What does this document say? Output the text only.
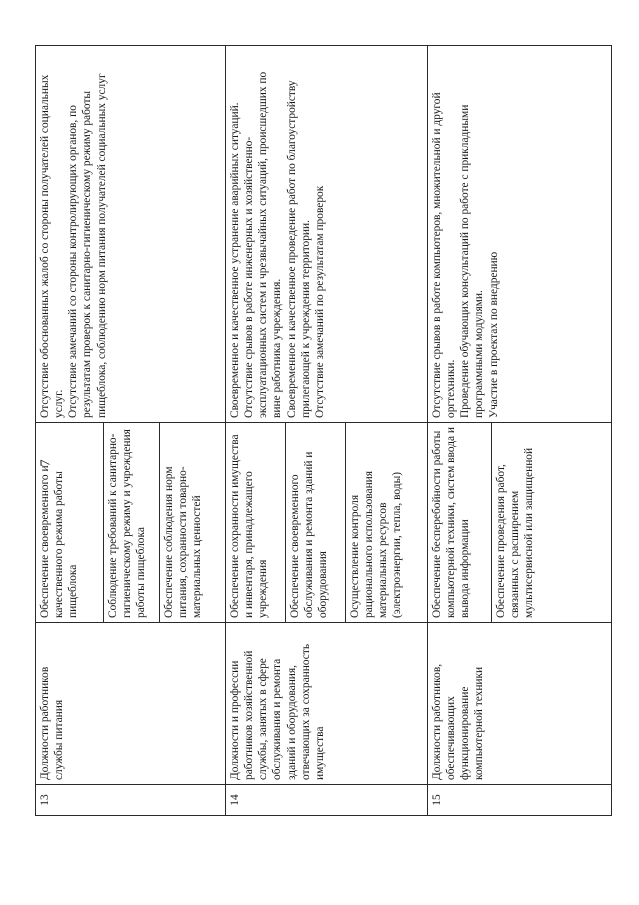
7
13	Должности работников службы питания	Обеспечение своевременного и качественного режима работы пищеблока	Отсутствие обоснованных жалоб со стороны получателей социальных услуг. Отсутствие замечаний со стороны контролирующих органов, по результатам проверок к санитарно-гигиеническому режиму работы пищеблока, соблюдению норм питания получателей социальных услуг

		Соблюдение требований к санитарно-гигиеническому режиму и учреждения работы пищеблока	
		Обеспечение соблюдения норм питания, сохранности товарно-материальных ценностей	
14	Должности и профессии работников хозяйственной службы, занятых в сфере обслуживания и ремонта зданий и оборудования, отвечающих за сохранность имущества	Обеспечение сохранности имущества и инвентаря, принадлежащего учреждения	Своевременное и качественное устранение аварийных ситуаций. Отсутствие срывов в работе инженерных и хозяйственно-эксплуатационных систем и чрезвычайных ситуаций, происшедших по вине работника учреждения. Своевременное и качественное проведение работ по благоустройству прилегающей к учреждения территории. Отсутствие замечаний по результатам проверок

		Обеспечение своевременного обслуживания и ремонта зданий и оборудования	
		Осуществление контроля рационального использования материальных ресурсов (электроэнергии, тепла, воды)	
15	Должности работников, обеспечивающих функционирование компьютерной техники	Обеспечение бесперебойности работы компьютерной техники, систем ввода и вывода информации	Отсутствие срывов в работе компьютеров, множительной и другой оргтехники. Проведение обучающих консультаций по работе с прикладными программными модулями. Участие в проектах по внедрению

		Обеспечение проведения работ, связанных с расширением мультисервисной или защищенной	
